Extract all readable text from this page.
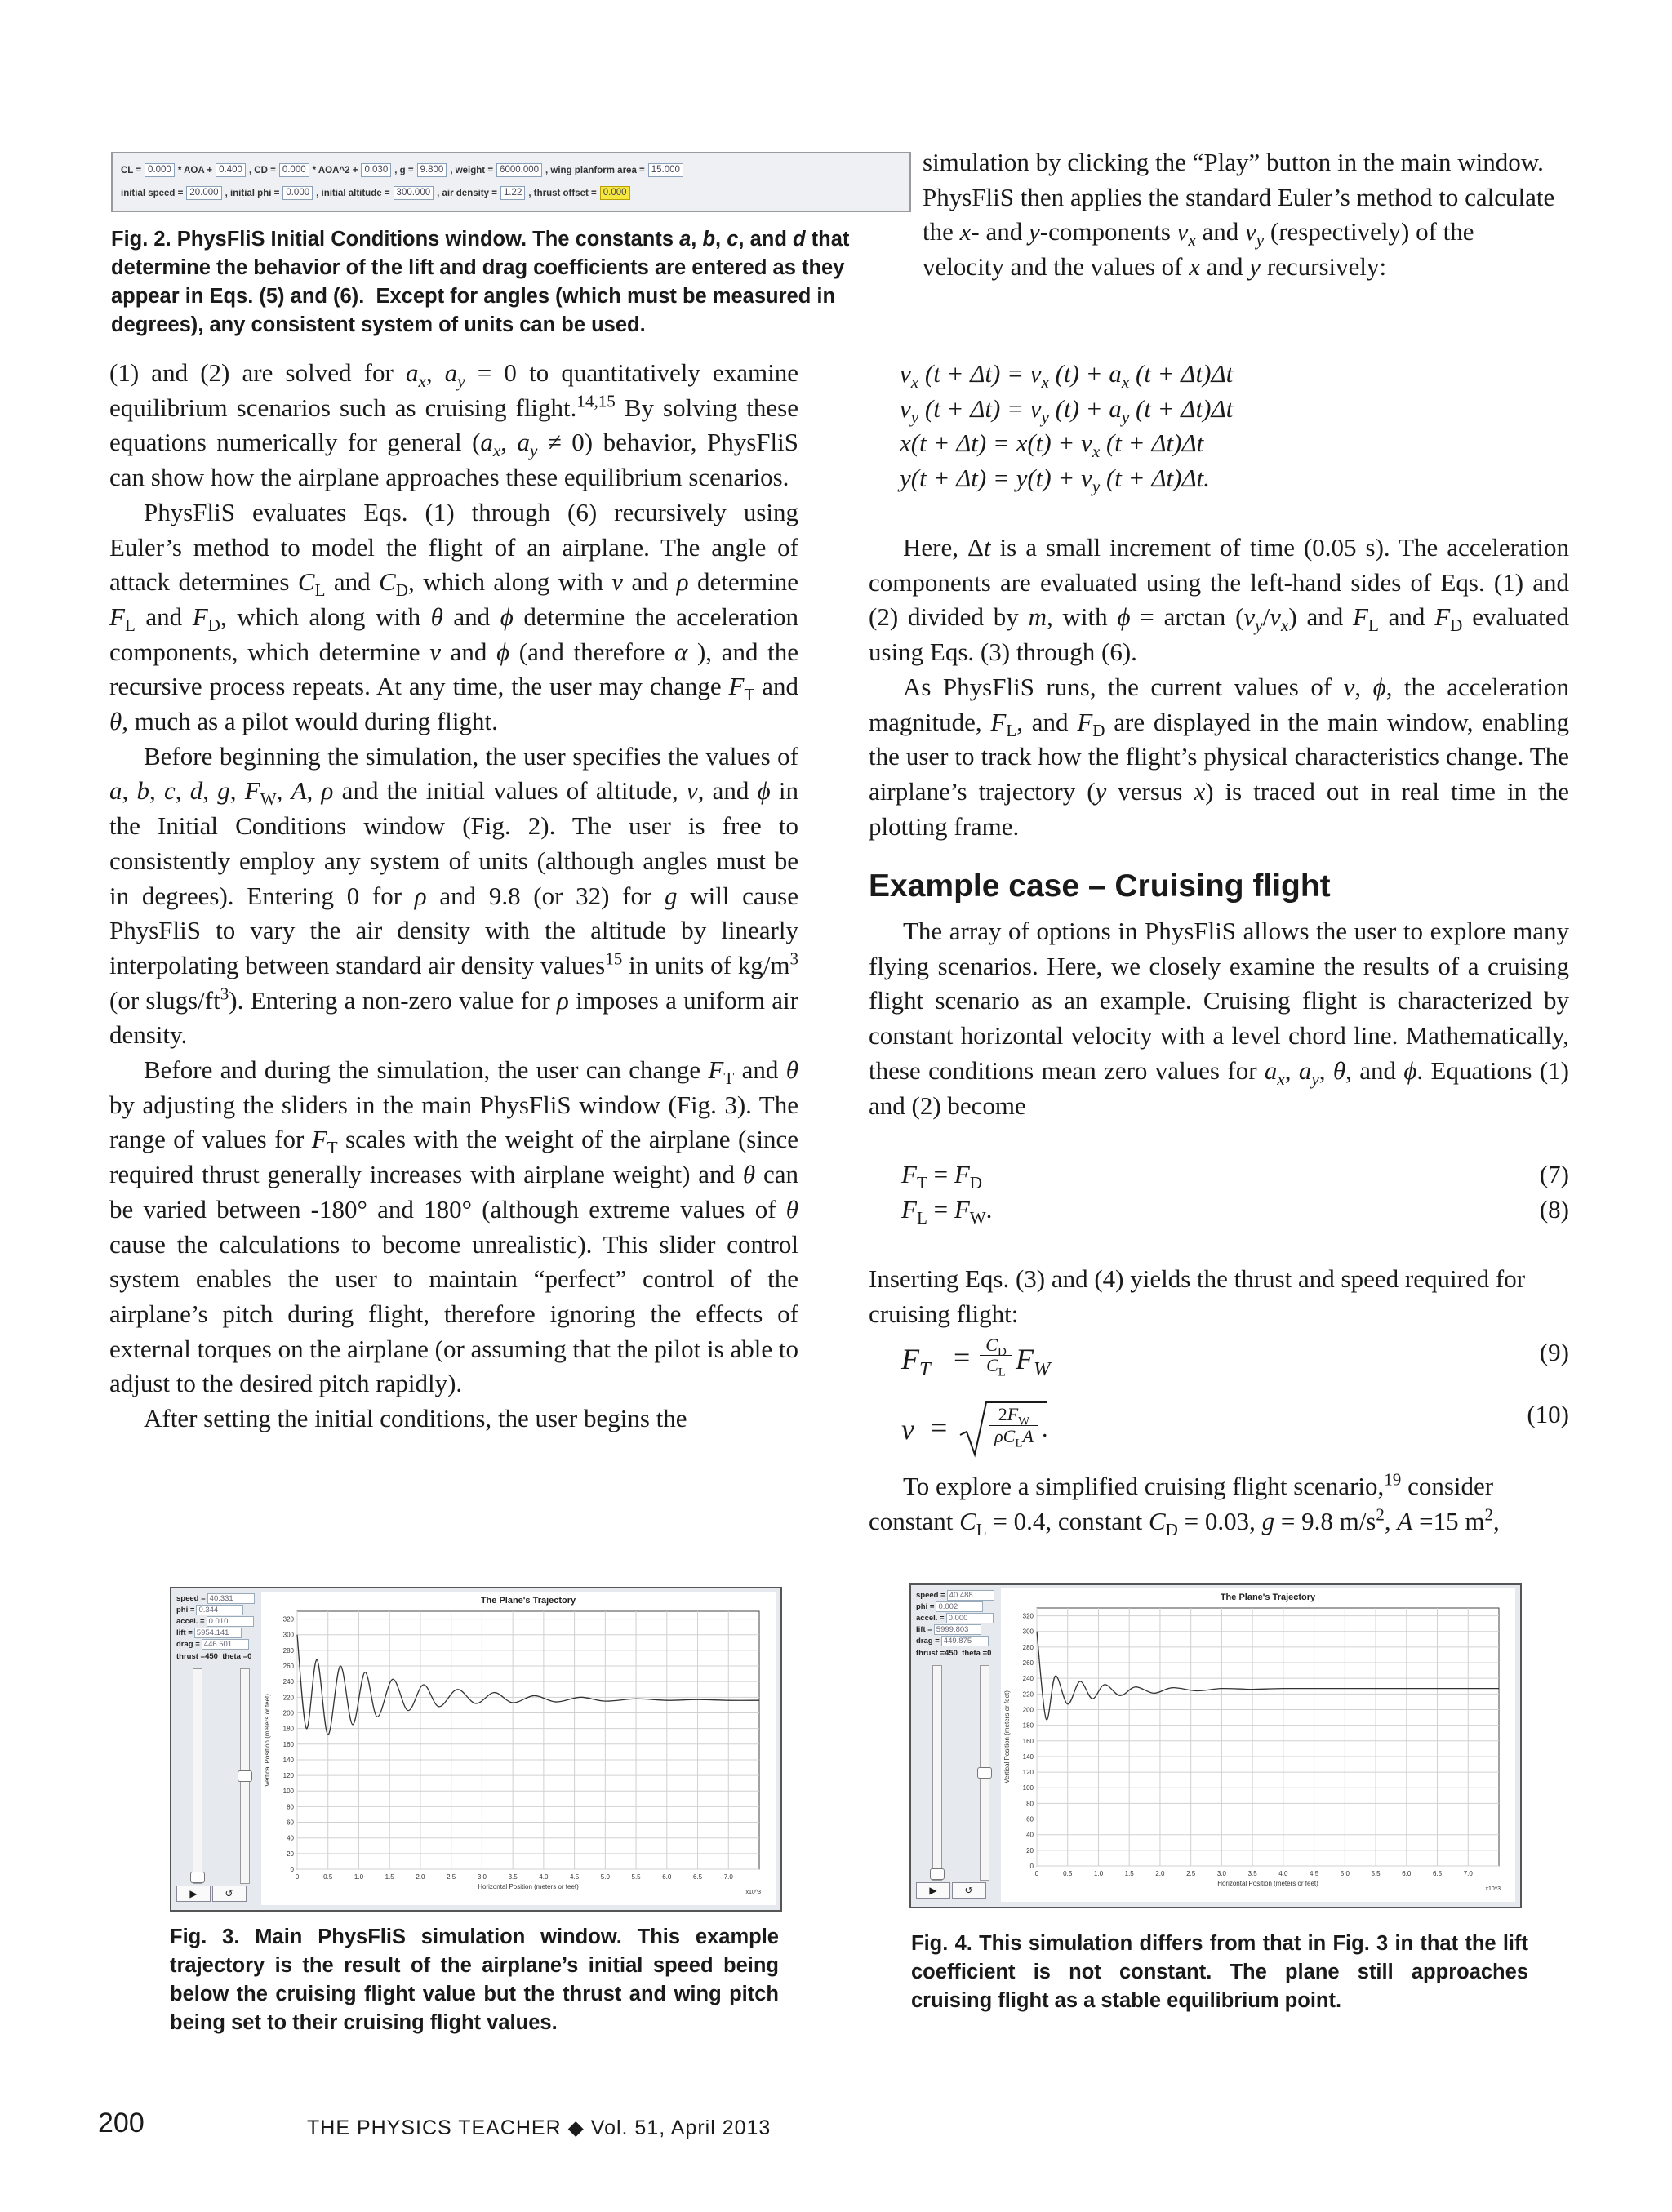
CL = 0.000 * AOA + 0.400 , CD = 0.000 * AOA^2 + 0.030 , g = 9.800 , weight = 6000.000 , wing planform area = 15.000
initial speed = 20.000 , initial phi = 0.000 , initial altitude = 300.000 , air density = 1.22 , thrust offset = 0.000
Fig. 2. PhysFliS Initial Conditions window. The constants a, b, c, and d that determine the behavior of the lift and drag coefficients are entered as they appear in Eqs. (5) and (6).  Except for angles (which must be measured in degrees), any consistent system of units can be used.

(1) and (2) are solved for $a_x$, $a_y = 0$ to quantitatively examine equilibrium scenarios such as cruising flight.$^{14,15}$ By solving these equations numerically for general ($a_x$, $a_y \ne 0$) behavior, PhysFliS can show how the airplane approaches these equilibrium scenarios.

PhysFliS evaluates Eqs. (1) through (6) recursively using Euler’s method to model the flight of an airplane. The angle of attack determines $C_L$ and $C_D$, which along with v and ρ determine $F_L$ and $F_D$, which along with θ and ϕ determine the acceleration components, which determine v and ϕ (and therefore α ), and the recursive process repeats. At any time, the user may change $F_T$ and θ, much as a pilot would during flight.

Before beginning the simulation, the user specifies the values of a, b, c, d, g, $F_W$, A, ρ and the initial values of altitude, v, and ϕ in the Initial Conditions window (Fig. 2). The user is free to consistently employ any system of units (although angles must be in degrees). Entering 0 for ρ and 9.8 (or 32) for g will cause PhysFliS to vary the air density with the altitude by linearly interpolating between standard air density values$^{15}$ in units of $kg/m^3$ (or slugs/$ft^3$). Entering a non-zero value for ρ imposes a uniform air density.

Before and during the simulation, the user can change $F_T$ and θ by adjusting the sliders in the main PhysFliS window (Fig. 3). The range of values for $F_T$ scales with the weight of the airplane (since required thrust generally increases with airplane weight) and θ can be varied between -180° and 180° (although extreme values of θ cause the calculations to become unrealistic). This slider control system enables the user to maintain “perfect” control of the airplane’s pitch during flight, therefore ignoring the effects of external torques on the airplane (or assuming that the pilot is able to adjust to the desired pitch rapidly).

After setting the initial conditions, the user begins the

simulation by clicking the “Play” button in the main window. PhysFliS then applies the standard Euler’s method to calculate the x- and y-components $v_x$ and $v_y$ (respectively) of the velocity and the values of x and y recursively:

$v_x$ $(t + \Delta t) = v_x$ $(t) + a_x$ (t + Δt)Δt
$v_y$ $(t + \Delta t) = v_y$ $(t) + a_y$ (t + Δt)Δt
$x(t + \Delta t) = x(t) + v_x$ (t + Δt)Δt
$y(t + \Delta t) = y(t) + v_y$ (t + Δt)Δt.

Here, Δt is a small increment of time (0.05 s). The acceleration components are evaluated using the left-hand sides of Eqs. (1) and (2) divided by m, with $\phi = \arctan (v_y/v_x)$ and $F_L$ and $F_D$ evaluated using Eqs. (3) through (6).

As PhysFliS runs, the current values of v, ϕ, the acceleration magnitude, $F_L$, and $F_D$ are displayed in the main window, enabling the user to track how the flight’s physical characteristics change. The airplane’s trajectory (y versus x) is traced out in real time in the plotting frame.

Example case – Cruising flight

The array of options in PhysFliS allows the user to explore many flying scenarios. Here, we closely examine the results of a cruising flight scenario as an example. Cruising flight is characterized by constant horizontal velocity with a level chord line. Mathematically, these conditions mean zero values for $a_x$, $a_y$, θ, and ϕ. Equations (1) and (2) become

$F_T = F_D$	(7)
$F_L = F_W$.	(8)
Inserting Eqs. (3) and (4) yields the thrust and speed required for cruising flight:
$F_T = C_D$
$C_L$ $F_W$
(9)
v =	$2F_W$
$\rho C_LA$ .
(10)

To explore a simplified cruising flight scenario,$^{19}$ consider constant $C_L = 0.4$, constant $C_D = 0.03$, g = 9.8 $m/s^2$, A =15 $m^2$,

speed = 40.331
phi = 0.344
accel. = 0.010
lift = 5954.141
drag = 446.501
thrust =450 theta =0
▶	↺
The Plane's Trajectory
0
20
40
60
80
100
120
140
160
180
200
220
240
260
280
300
320
0	0.5	1.0	1.5	2.0	2.5	3.0	3.5	4.0	4.5	5.0	5.5	6.0	6.5	7.0
Horizontal Position (meters or feet)
x10^3
Vertical Position (meters or feet)
Fig. 3. Main PhysFliS simulation window. This example trajectory is the result of the airplane’s initial speed being below the cruising flight value but the thrust and wing pitch being set to their cruising flight values.
speed = 40.488
phi = 0.002
accel. = 0.000
lift = 5999.803
drag = 449.875
thrust =450 theta =0
▶	↺
The Plane's Trajectory
0
20
40
60
80
100
120
140
160
180
200
220
240
260
280
300
320
0	0.5	1.0	1.5	2.0	2.5	3.0	3.5	4.0	4.5	5.0	5.5	6.0	6.5	7.0
Horizontal Position (meters or feet)
x10^3
Vertical Position (meters or feet)
Fig. 4. This simulation differs from that in Fig. 3 in that the lift coefficient is not constant. The plane still approaches cruising flight as a stable equilibrium point.
200	THE PHYSICS TEACHER ◆ Vol. 51, April 2013
